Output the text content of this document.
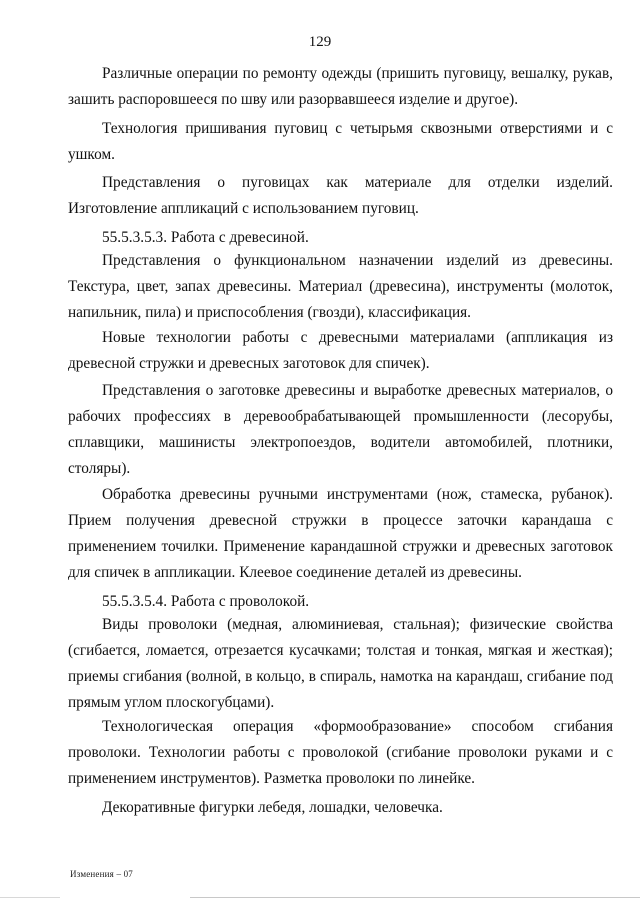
129

Различные операции по ремонту одежды (пришить пуговицу, вешалку, рукав, зашить распоровшееся по шву или разорвавшееся изделие и другое).

Технология пришивания пуговиц с четырьмя сквозными отверстиями и с ушком.

Представления о пуговицах как материале для отделки изделий. Изготовление аппликаций с использованием пуговиц.

55.5.3.5.3. Работа с древесиной.

Представления о функциональном назначении изделий из древесины. Текстура, цвет, запах древесины. Материал (древесина), инструменты (молоток, напильник, пила) и приспособления (гвозди), классификация.

Новые технологии работы с древесными материалами (аппликация из древесной стружки и древесных заготовок для спичек).

Представления о заготовке древесины и выработке древесных материалов, о рабочих профессиях в деревообрабатывающей промышленности (лесорубы, сплавщики, машинисты электропоездов, водители автомобилей, плотники, столяры).

Обработка древесины ручными инструментами (нож, стамеска, рубанок). Прием получения древесной стружки в процессе заточки карандаша с применением точилки. Применение карандашной стружки и древесных заготовок для спичек в аппликации. Клеевое соединение деталей из древесины.

55.5.3.5.4. Работа с проволокой.

Виды проволоки (медная, алюминиевая, стальная); физические свойства (сгибается, ломается, отрезается кусачками; толстая и тонкая, мягкая и жесткая); приемы сгибания (волной, в кольцо, в спираль, намотка на карандаш, сгибание под прямым углом плоскогубцами).

Технологическая операция «формообразование» способом сгибания проволоки. Технологии работы с проволокой (сгибание проволоки руками и с применением инструментов). Разметка проволоки по линейке.

Декоративные фигурки лебедя, лошадки, человечка.

Изменения – 07
